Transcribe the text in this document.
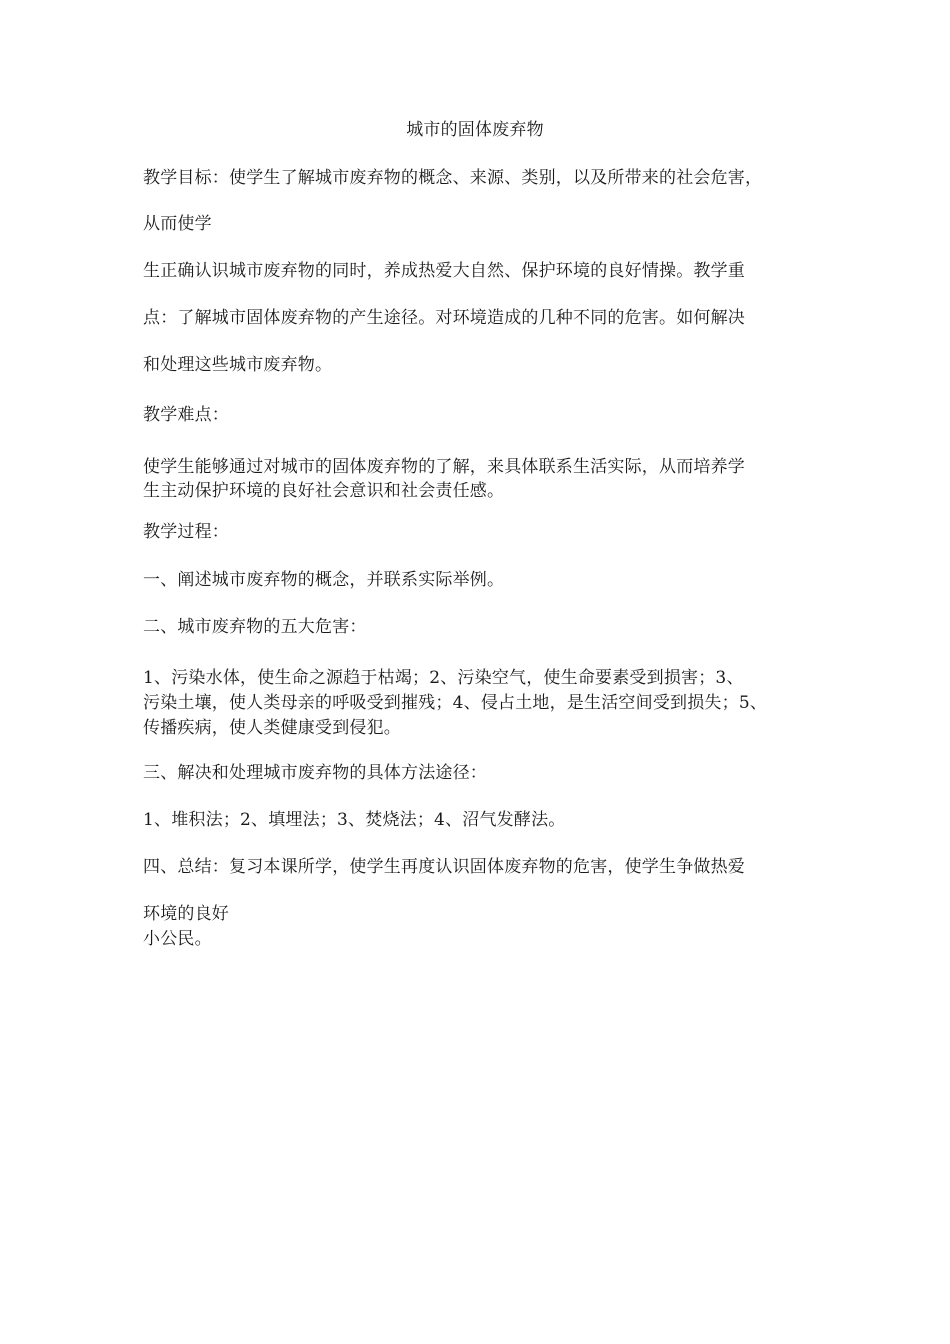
城市的固体废弃物
教学目标：使学生了解城市废弃物的概念、来源、类别，以及所带来的社会危害，
从而使学
生正确认识城市废弃物的同时，养成热爱大自然、保护环境的良好情操。教学重
点：了解城市固体废弃物的产生途径。对环境造成的几种不同的危害。如何解决
和处理这些城市废弃物。
教学难点：
使学生能够通过对城市的固体废弃物的了解，来具体联系生活实际，从而培养学
生主动保护环境的良好社会意识和社会责任感。
教学过程：
一、阐述城市废弃物的概念，并联系实际举例。
二、城市废弃物的五大危害：
1、污染水体，使生命之源趋于枯竭；2、污染空气，使生命要素受到损害；3、
污染土壤，使人类母亲的呼吸受到摧残；4、侵占土地，是生活空间受到损失；5、
传播疾病，使人类健康受到侵犯。
三、解决和处理城市废弃物的具体方法途径：
1、堆积法；2、填埋法；3、焚烧法；4、沼气发酵法。
四、总结：复习本课所学，使学生再度认识固体废弃物的危害，使学生争做热爱
环境的良好
小公民。
